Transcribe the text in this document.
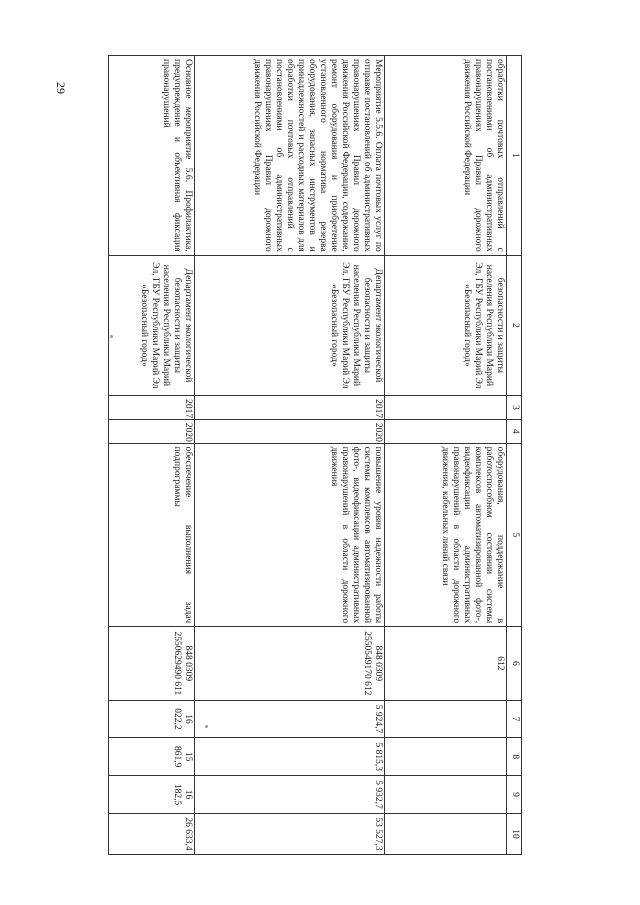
29
1	2	3	4	5	6	7	8	9	10
обработки почтовых отправлений с постановлениями об административных правонарушениях Правил дорожного движения Российской Федерации	безопасности и защиты населения Республики Марий Эл, ГБУ Республики Марий Эл «Безопасный город»			оборудования, поддержание в работоспособном состоянии системы комплексов автоматизированной фото-, видеофиксации административных правонарушений в области дорожного движения, кабельных линий связи	612				
Мероприятие 5.5.6. Оплата почтовых услуг по отправке постановлений об административных правонарушениях Правил дорожного движения Российской Федерации, содержание, ремонт оборудования и приобретение установленного норматива резерва оборудования, запасных инструментов и принадлежностей и расходных материалов для обработки почтовых отправлений с постановлениями об административных правонарушениях Правил дорожного движения Российской Федерации	Департамент экологической безопасности и защиты населения Республики Марий Эл, ГБУ Республики Марий Эл «Безопасный город»	2017	2020	повышение уровня надежности работы системы комплексов автоматизированной фото-, видеофиксации административных правонарушений в области дорожного движения	848 0309 2550549170 612	5 924,7	5 815,3	5 932,7	53 527,3
Основное мероприятие 5.6. Профилактика, предупреждение и объективная фиксация правонарушений	Департамент экологической безопасности и защиты населения Республики Марий Эл, ГБУ Республики Марий Эл «Безопасный город»	2017	2020	обеспечение выполнения задач подпрограммы	848 0309 2550629490 611	16 022,2	15 861,9	16 182,5	26 633,4
